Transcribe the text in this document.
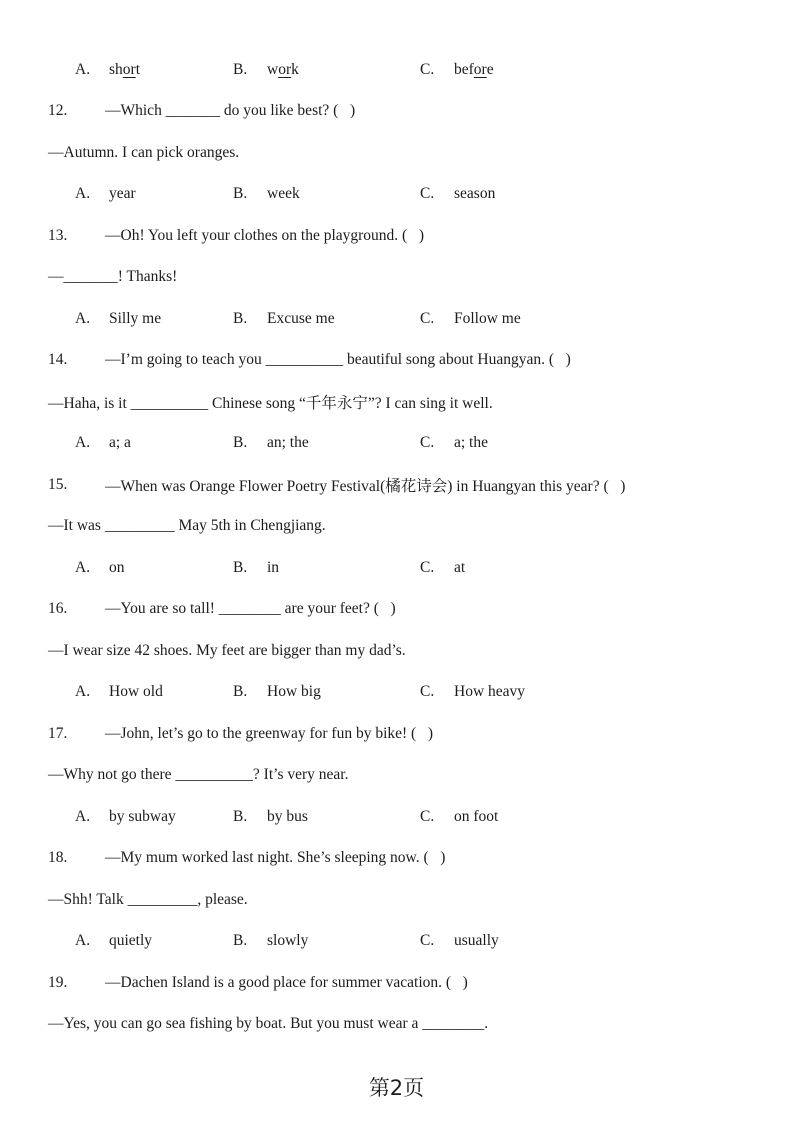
A. short	B. work	C. before
12.	—Which _______ do you like best? (   )
—Autumn. I can pick oranges.
A. year	B. week	C. season
13.	—Oh! You left your clothes on the playground. (   )
—_______! Thanks!
A. Silly me	B. Excuse me	C. Follow me
14.	—I’m going to teach you __________ beautiful song about Huangyan. (   )
—Haha, is it __________ Chinese song “千年永宁”? I can sing it well.
A. a; a	B. an; the	C. a; the
15.	—When was Orange Flower Poetry Festival(橘花诗会) in Huangyan this year? (   )
—It was _________ May 5th in Chengjiang.
A. on	B. in	C. at
16.	—You are so tall! ________ are your feet? (   )
—I wear size 42 shoes. My feet are bigger than my dad’s.
A. How old	B. How big	C. How heavy
17.	—John, let’s go to the greenway for fun by bike! (   )
—Why not go there __________? It’s very near.
A. by subway	B. by bus	C. on foot
18.	—My mum worked last night. She’s sleeping now. (   )
—Shh! Talk _________, please.
A. quietly	B. slowly	C. usually
19.	—Dachen Island is a good place for summer vacation. (   )
—Yes, you can go sea fishing by boat. But you must wear a ________.
第2页
